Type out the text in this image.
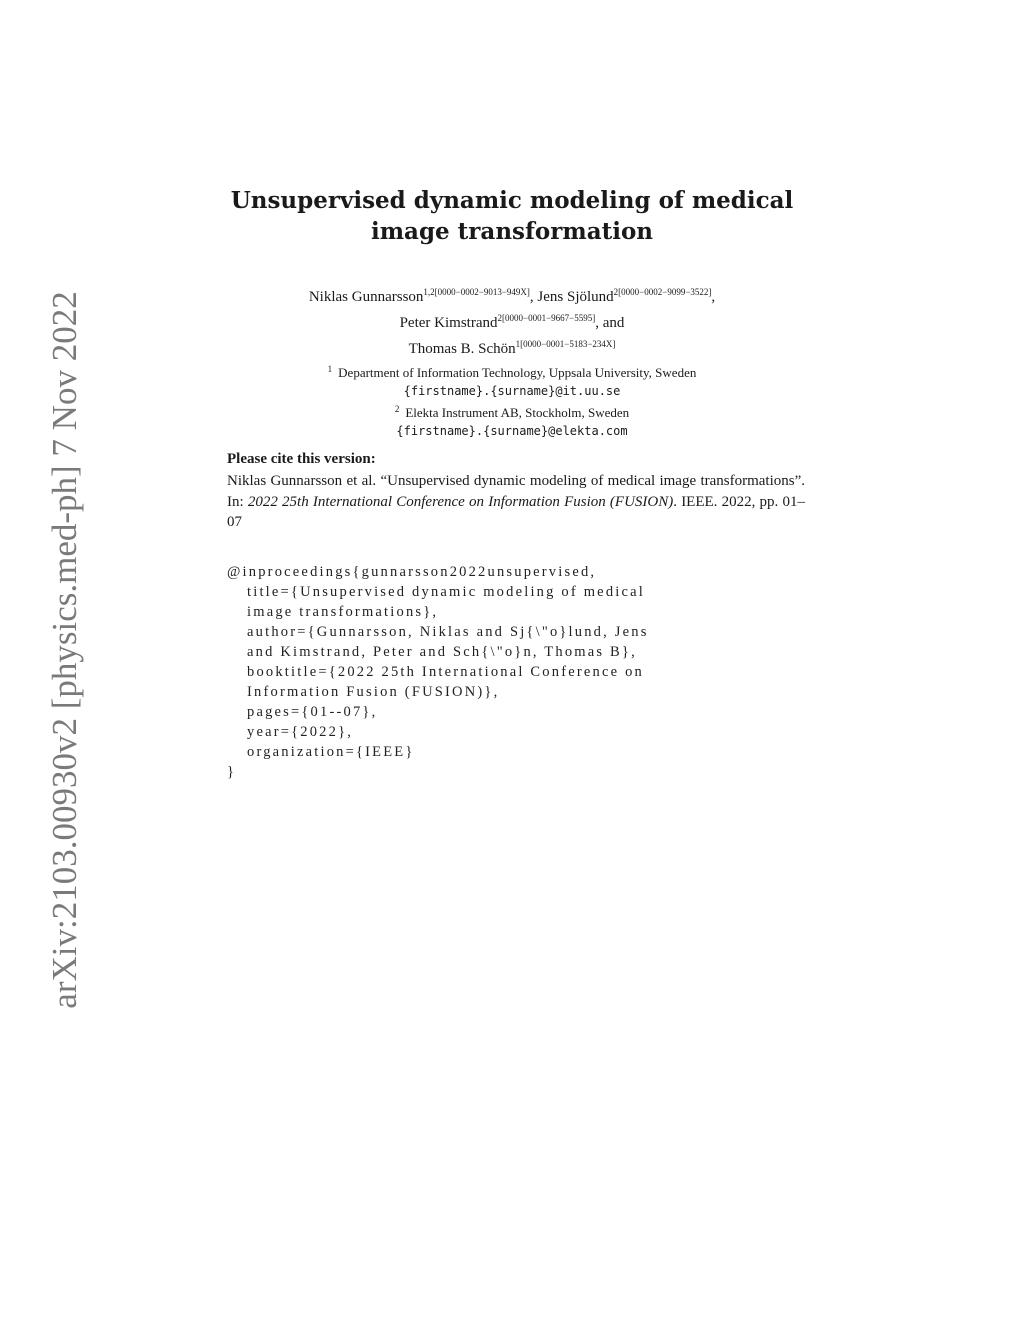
arXiv:2103.00930v2 [physics.med-ph] 7 Nov 2022
Unsupervised dynamic modeling of medical
image transformation
Niklas Gunnarsson$^{1,2[0000-0002-9013-949X]}$, Jens Sjölund$^{2[0000-0002-9099-3522]}$,
Peter Kimstrand$^{2[0000-0001-9667-5595]}$, and
Thomas B. Schön$^{1[0000-0001-5183-234X]}$
$^1$ Department of Information Technology, Uppsala University, Sweden
{firstname}.{surname}@it.uu.se
$^2$ Elekta Instrument AB, Stockholm, Sweden
{firstname}.{surname}@elekta.com
Please cite this version:
Niklas Gunnarsson et al. “Unsupervised dynamic modeling of medical image transformations”. In: 2022 25th International Conference on Information Fusion (FUSION). IEEE. 2022, pp. 01–07
@inproceedings{gunnarsson2022unsupervised,
title={Unsupervised dynamic modeling of medical
image transformations},
author={Gunnarsson, Niklas and Sj{\"o}lund, Jens
and Kimstrand, Peter and Sch{\"o}n, Thomas B},
booktitle={2022 25th International Conference on
Information Fusion (FUSION)},
pages={01--07},
year={2022},
organization={IEEE}
}
